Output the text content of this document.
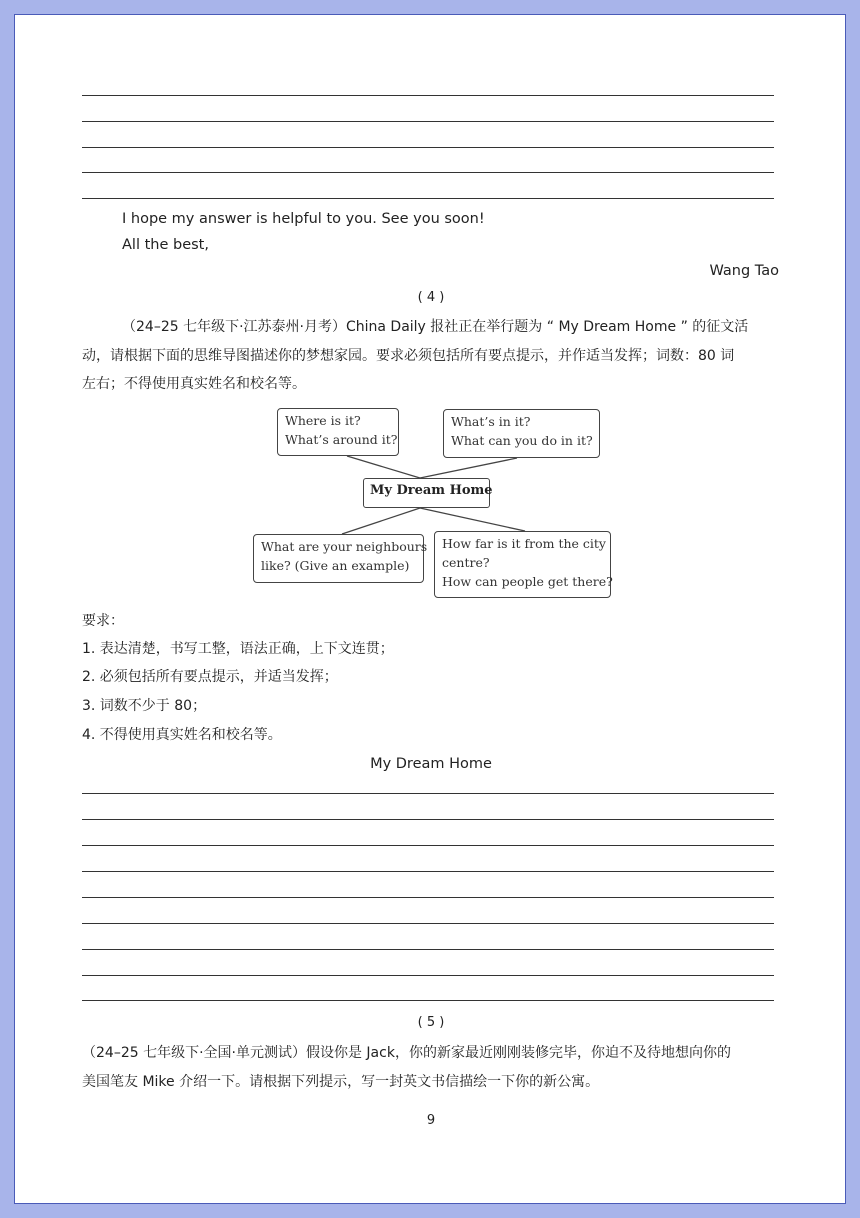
I hope my answer is helpful to you. See you soon!
All the best,
Wang Tao
( 4 )
（24–25 七年级下·江苏泰州·月考）China Daily 报社正在举行题为 “ My Dream Home ” 的征文活
动，请根据下面的思维导图描述你的梦想家园。要求必须包括所有要点提示，并作适当发挥；词数：80 词
左右；不得使用真实姓名和校名等。
Where is it?
What’s around it?
What’s in it?
What can you do in it?
My Dream Home
What are your neighbours
like? (Give an example)
How far is it from the city
centre?
How can people get there?
要求：
1. 表达清楚，书写工整，语法正确，上下文连贯；
2. 必须包括所有要点提示，并适当发挥；
3. 词数不少于 80；
4. 不得使用真实姓名和校名等。
My Dream Home
( 5 )
（24–25 七年级下·全国·单元测试）假设你是 Jack，你的新家最近刚刚装修完毕，你迫不及待地想向你的
美国笔友 Mike 介绍一下。请根据下列提示，写一封英文书信描绘一下你的新公寓。
9
